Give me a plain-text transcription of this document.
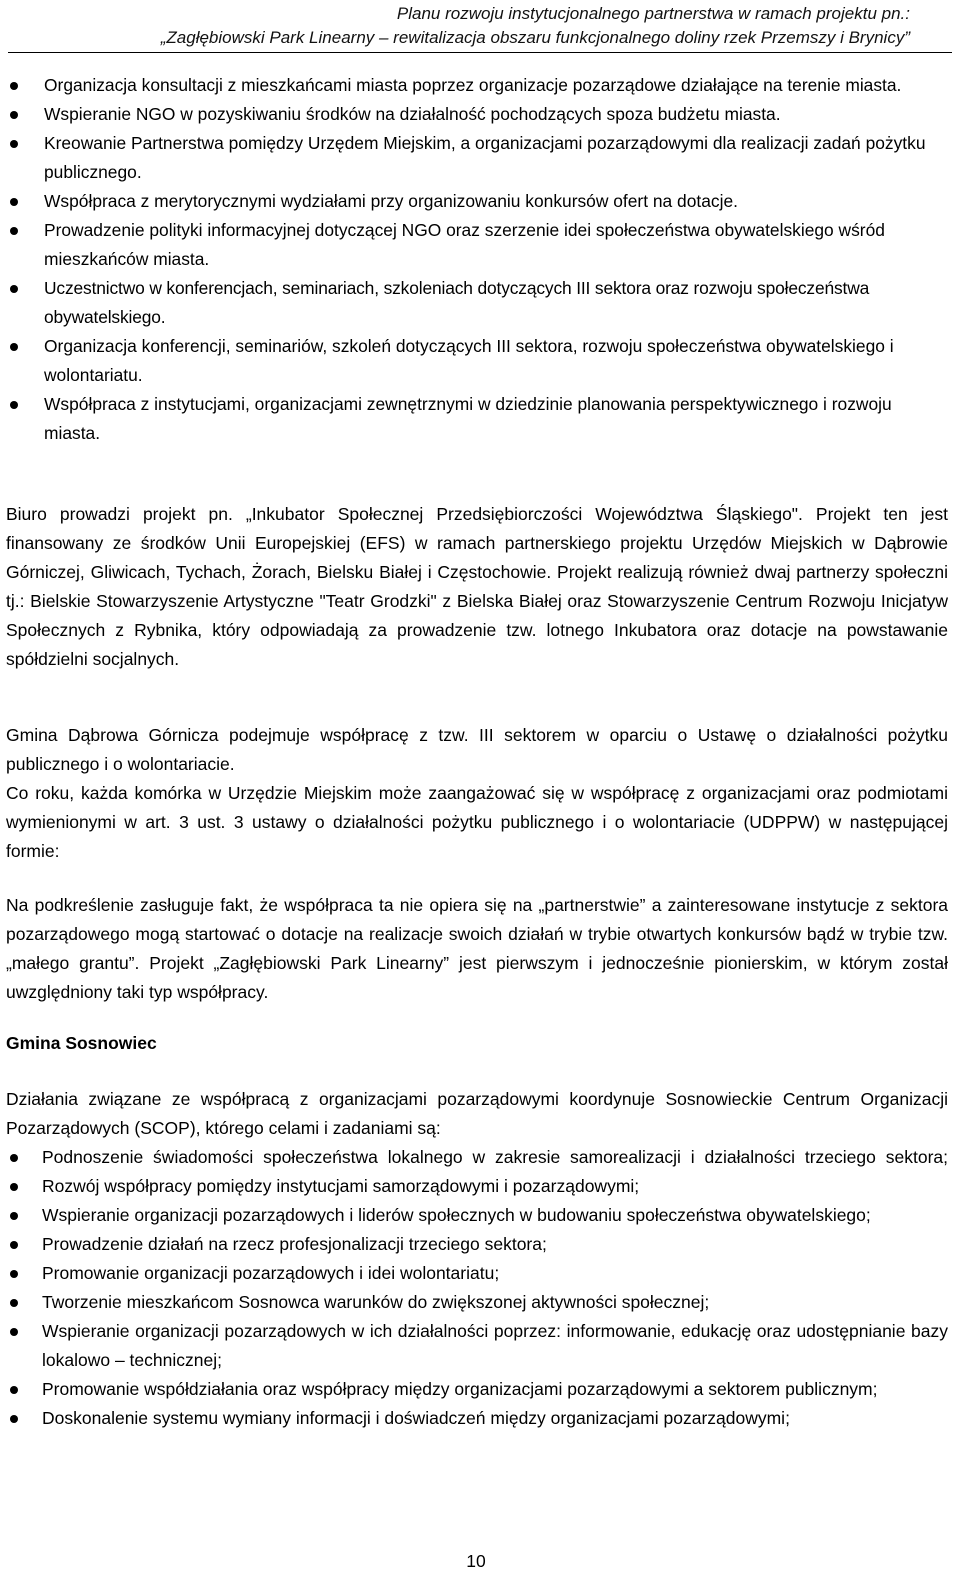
Planu rozwoju instytucjonalnego partnerstwa w ramach projektu pn.:
„Zagłębiowski Park Linearny – rewitalizacja obszaru funkcjonalnego doliny rzek Przemszy i Brynicy”
Organizacja konsultacji z mieszkańcami miasta poprzez organizacje pozarządowe działające na terenie miasta.
Wspieranie NGO w pozyskiwaniu środków na działalność pochodzących spoza budżetu miasta.
Kreowanie Partnerstwa pomiędzy Urzędem Miejskim, a organizacjami pozarządowymi dla realizacji zadań pożytku publicznego.
Współpraca z merytorycznymi wydziałami przy organizowaniu konkursów ofert na dotacje.
Prowadzenie polityki informacyjnej dotyczącej NGO oraz szerzenie idei społeczeństwa obywatelskiego wśród mieszkańców miasta.
Uczestnictwo w konferencjach, seminariach, szkoleniach dotyczących III sektora oraz rozwoju społeczeństwa obywatelskiego.
Organizacja konferencji, seminariów, szkoleń dotyczących III sektora, rozwoju społeczeństwa obywatelskiego i wolontariatu.
Współpraca z instytucjami, organizacjami zewnętrznymi w dziedzinie planowania perspektywicznego i rozwoju miasta.

Biuro prowadzi projekt pn. „Inkubator Społecznej Przedsiębiorczości Województwa Śląskiego". Projekt ten jest finansowany ze środków Unii Europejskiej (EFS) w ramach partnerskiego projektu Urzędów Miejskich w Dąbrowie Górniczej, Gliwicach, Tychach, Żorach, Bielsku Białej i Częstochowie. Projekt realizują również dwaj partnerzy społeczni tj.: Bielskie Stowarzyszenie Artystyczne "Teatr Grodzki" z Bielska Białej oraz Stowarzyszenie Centrum Rozwoju Inicjatyw Społecznych z Rybnika, który odpowiadają za prowadzenie tzw. lotnego Inkubatora oraz dotacje na powstawanie spółdzielni socjalnych.

Gmina Dąbrowa Górnicza podejmuje współpracę z tzw. III sektorem w oparciu o Ustawę o działalności pożytku publicznego i o wolontariacie.

Co roku, każda komórka w Urzędzie Miejskim może zaangażować się w współpracę z organizacjami oraz podmiotami wymienionymi w art. 3 ust. 3 ustawy o działalności pożytku publicznego i o wolontariacie (UDPPW) w następującej formie:

Na podkreślenie zasługuje fakt, że współpraca ta nie opiera się na „partnerstwie” a zainteresowane instytucje z sektora pozarządowego mogą startować o dotacje na realizacje swoich działań w trybie otwartych konkursów bądź w trybie tzw. „małego grantu”. Projekt „Zagłębiowski Park Linearny” jest pierwszym i jednocześnie pionierskim, w którym został uwzględniony taki typ współpracy.

Gmina Sosnowiec

Działania związane ze współpracą z organizacjami pozarządowymi koordynuje Sosnowieckie Centrum Organizacji Pozarządowych (SCOP), którego celami i zadaniami są:

Podnoszenie świadomości społeczeństwa lokalnego w zakresie samorealizacji i działalności trzeciego sektora;
Rozwój współpracy pomiędzy instytucjami samorządowymi i pozarządowymi;
Wspieranie organizacji pozarządowych i liderów społecznych w budowaniu społeczeństwa obywatelskiego;
Prowadzenie działań na rzecz profesjonalizacji trzeciego sektora;
Promowanie organizacji pozarządowych i idei wolontariatu;
Tworzenie mieszkańcom Sosnowca warunków do zwiększonej aktywności społecznej;
Wspieranie organizacji pozarządowych w ich działalności poprzez: informowanie, edukację oraz udostępnianie bazy lokalowo – technicznej;
Promowanie współdziałania oraz współpracy między organizacjami pozarządowymi a sektorem publicznym;
Doskonalenie systemu wymiany informacji i doświadczeń między organizacjami pozarządowymi;
10
